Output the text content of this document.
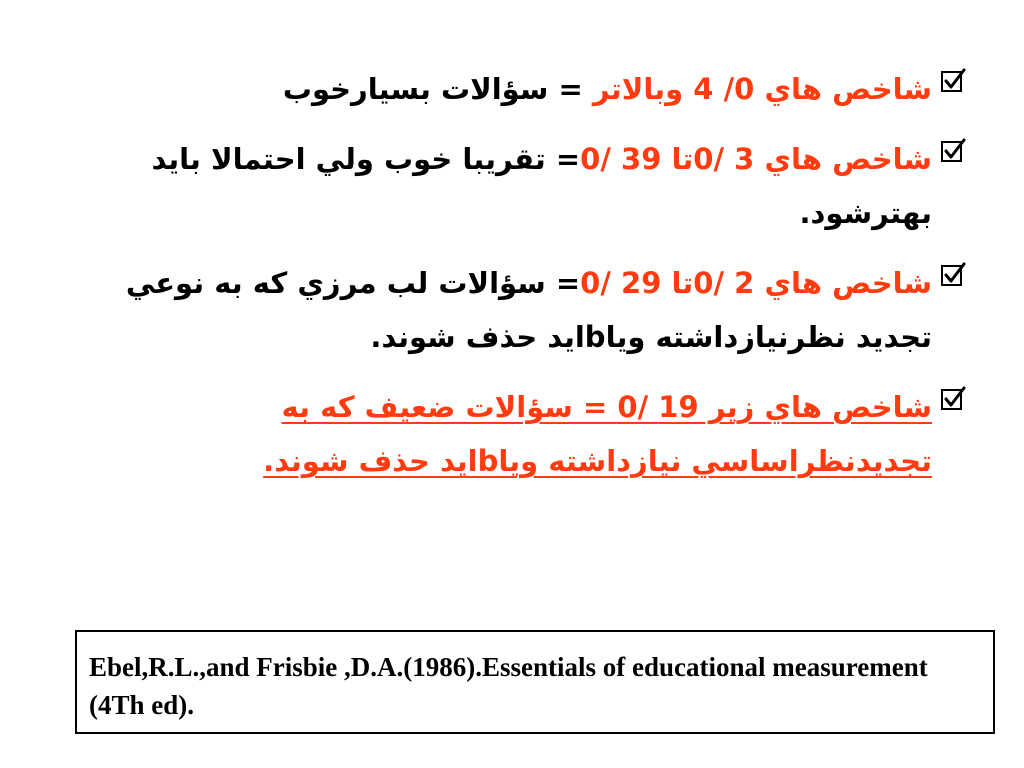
شاخص هاي 0/ 4 وبالاتر = سؤالات بسيارخوب
شاخص هاي 3 /0تا 39 /0= تقريبا خوب ولي احتمالا بايد بهترشود.
شاخص هاي 2 /0تا 29 /0= سؤالات لب مرزي كه به نوعي تجديد نظرنيازداشته وياbايد حذف شوند.
شاخص هاي زير 19 /0 = سؤالات ضعيف كه به تجديدنظراساسي نيازداشته وياbايد حذف شوند.
Ebel,R.L.,and Frisbie ,D.A.(1986).Essentials of educational measurement (4Th ed).
